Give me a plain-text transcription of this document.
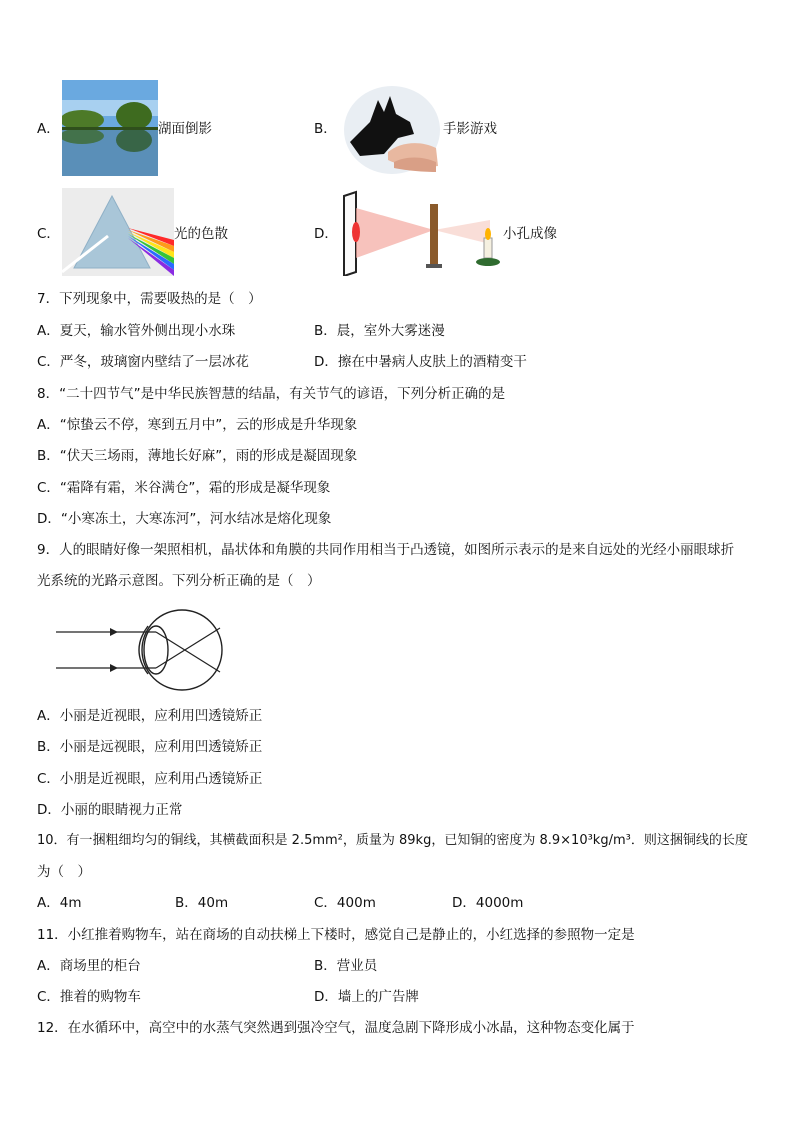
A．	湖面倒影	B．	手影游戏
C．	光的色散	D．	小孔成像
7．下列现象中，需要吸热的是（　）
A．夏天，输水管外侧出现小水珠	B．晨，室外大雾迷漫
C．严冬，玻璃窗内壁结了一层冰花	D．擦在中暑病人皮肤上的酒精变干
8．“二十四节气”是中华民族智慧的结晶，有关节气的谚语，下列分析正确的是
A．“惊蛰云不停，寒到五月中”，云的形成是升华现象
B．“伏天三场雨，薄地长好麻”，雨的形成是凝固现象
C．“霜降有霜，米谷满仓”，霜的形成是凝华现象
D．“小寒冻土，大寒冻河”，河水结冰是熔化现象
9．人的眼睛好像一架照相机，晶状体和角膜的共同作用相当于凸透镜，如图所示表示的是来自远处的光经小丽眼球折
光系统的光路示意图。下列分析正确的是（　）
A．小丽是近视眼，应利用凹透镜矫正
B．小丽是远视眼，应利用凹透镜矫正
C．小朋是近视眼，应利用凸透镜矫正
D．小丽的眼睛视力正常
10．有一捆粗细均匀的铜线，其横截面积是 2.5mm²，质量为 89kg，已知铜的密度为 8.9×10³kg/m³．则这捆铜线的长度
为（　）
A．4m	B．40m	C．400m	D．4000m
11．小红推着购物车，站在商场的自动扶梯上下楼时，感觉自己是静止的，小红选择的参照物一定是
A．商场里的柜台	B．营业员
C．推着的购物车	D．墙上的广告牌
12．在水循环中，高空中的水蒸气突然遇到强冷空气，温度急剧下降形成小冰晶，这种物态变化属于
